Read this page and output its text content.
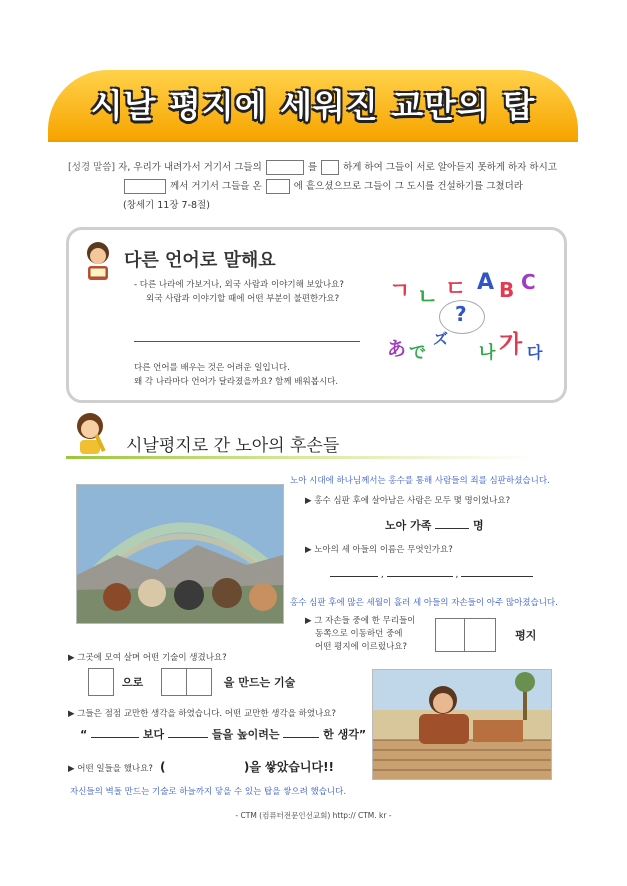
시날 평지에 세워진 교만의 탑
[성경 말씀] 자, 우리가 내려가서 거기서 그들의	를	하게 하여 그들이 서로 알아듣지 못하게 하자 하시고
께서 거기서 그들을 온	에 흩으셨으므로 그들이 그 도시를 건설하기를 그쳤더라
(창세기 11장 7-8절)
다른 언어로 말해요
- 다른 나라에 가보거나, 외국 사람과 이야기해 보았나요?
외국 사람과 이야기할 때에 어떤 부분이 불편한가요?
다른 언어를 배우는 것은 어려운 일입니다.
왜 각 나라마다 언어가 달라졌을까요? 함께 배워봅시다.
ㄱ ㄴ ㄷ A B C
?
あ で
ズ
나 가 다
시날평지로 간 노아의 후손들
노아 시대에 하나님께서는 홍수를 통해 사람들의 죄를 심판하셨습니다.
▶ 홍수 심판 후에 살아남은 사람은 모두 몇 명이었나요?
노아 가족	명
▶ 노아의 세 아들의 이름은 무엇인가요?
,	,
홍수 심판 후에 많은 세월이 흘러 세 아들의 자손들이 아주 많아졌습니다.
▶ 그 자손들 중에 한 무리들이
동쪽으로 이동하던 중에
어떤 평지에 이르렀나요?
평지
▶ 그곳에 모여 살며 어떤 기술이 생겼나요?
으로	을 만드는 기술
▶ 그들은 점점 교만한 생각을 하였습니다. 어떤 교만한 생각을 하였나요?
“	보다	들을 높이려는	한 생각”
▶ 어떤 일들을 했나요? (	)을 쌓았습니다!!
자신들의 벽돌 만드는 기술로 하늘까지 닿을 수 있는 탑을 쌓으려 했습니다.
- CTM (컴퓨터전문인선교회) http:// CTM. kr -
